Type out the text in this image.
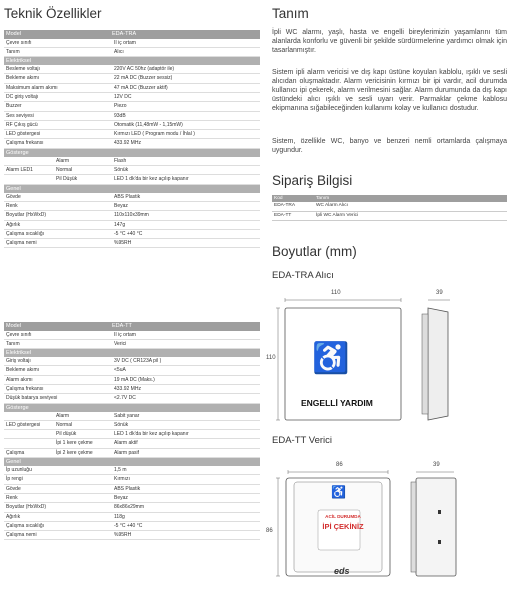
Teknik Özellikler
Model	EDA-TRA
Çevre sınıfı	II iç ortam
Tanım	Alıcı
Elektriksel
Besleme voltajı	220V AC 50hz (adaptör ile)
Bekleme akımı	22 mA DC (Buzzer sessiz)
Maksimum alarm akımı	47 mA DC (Buzzer aktif)
DC giriş voltajı	12V DC
Buzzer	Piezo
Ses seviyesi	93dB
RF Çıkış gücü	Otomatik (11,48mW - 1,15mW)
LED göstergesi	Kırmızı LED ( Program modu / İhlal )
Çalışma frekansı	433.92 MHz
Gösterge
Alarm	Flash
Alarm LED1	Normal	Sönük
Pil Düşük	LED 1 dk'da bir kez açılıp kapanır
Genel
Gövde	ABS Plastik
Renk	Beyaz
Boyutlar (HxWxD)	110x110x39mm
Ağırlık	147g
Çalışma sıcaklığı	-5 °C +40 °C
Çalışma nemi	%95RH
Model	EDA-TT
Çevre sınıfı	II iç ortam
Tanım	Verici
Elektriksel
Giriş voltajı	3V DC ( CR123A pil )
Bekleme akımı	<5uA
Alarm akımı	19 mA DC (Maks.)
Çalışma frekansı	433.92 MHz
Düşük batarya seviyesi	<2.7V DC
Gösterge
Alarm	Sabit yanar
LED göstergesi	Normal	Sönük
Pil düşük	LED 1 dk'da bir kez açılıp kapanır
İpi 1 kere çekme	Alarm aktif
Çalışma	İpi 2 kere çekme	Alarm pasif
Genel
İp uzunluğu	1,5 m
İp rengi	Kırmızı
Gövde	ABS Plastik
Renk	Beyaz
Boyutlar (HxWxD)	86x86x29mm
Ağırlık	118g
Çalışma sıcaklığı	-5 °C +40 °C
Çalışma nemi	%95RH
Tanım
İpli WC alarmı, yaşlı, hasta ve engelli bireylerimizin yaşamlarını tüm alanlarda konforlu ve güvenli bir şekilde sürdürmelerine yardımcı olmak için tasarlanmıştır.
Sistem ipli alarm vericisi ve dış kapı üstüne koyulan kablolu, ışıklı ve sesli alıcıdan oluşmaktadır. Alarm vericisinin kırmızı bir ipi vardır, acil durumda kullanıcı ipi çekerek, alarm verilmesini sağlar. Alarm durumunda da dış kapı üstündeki alıcı ışıklı ve sesli uyarı verir. Parmaklar çekme kablosu ekipmanına sığabileceğinden kullanımı kolay ve kullanıcı dostudur.
Sistem, özellikle WC, banyo ve benzeri nemli ortamlarda çalışmaya uygundur.
Sipariş Bilgisi
Kod	Tanım
EDA-TRA	WC Alarm Alıcı
EDA-TT	İpli WC Alarm Verici
Boyutlar (mm)
EDA-TRA Alıcı
110	39
110 ♿
ENGELLİ YARDIM
EDA-TT Verici
86	39
86
♿
ACİL DURUMDA
İPİ ÇEKİNİZ
eds
